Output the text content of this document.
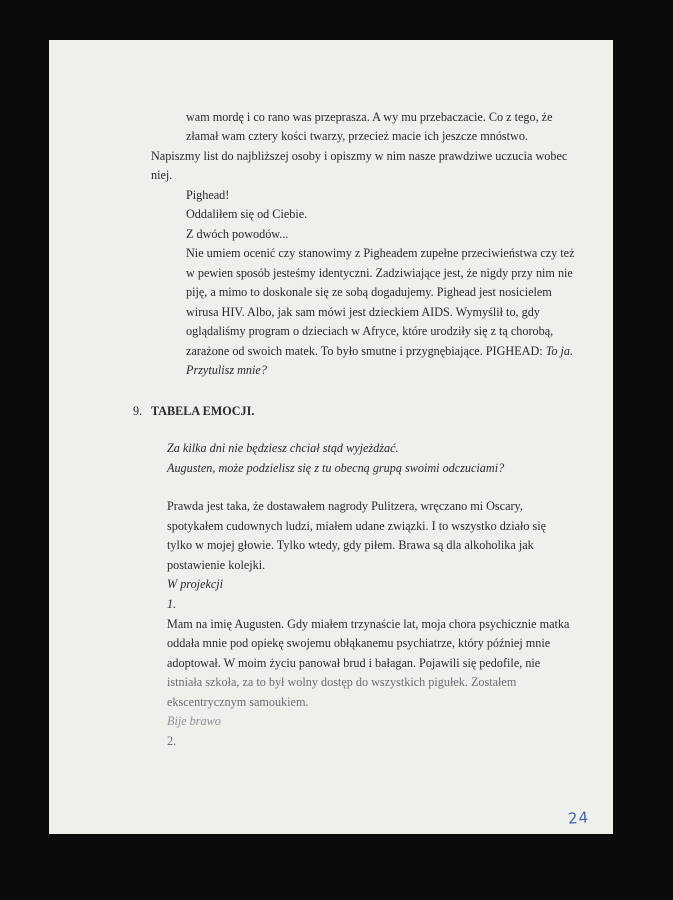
wam mordę i co rano was przeprasza. A wy mu przebaczacie. Co z tego, że
złamał wam cztery kości twarzy, przecież macie ich jeszcze mnóstwo.
Napiszmy list do najbliższej osoby i opiszmy w nim nasze prawdziwe uczucia wobec
niej.
Pighead!
Oddaliłem się od Ciebie.
Z dwóch powodów...
Nie umiem ocenić czy stanowimy z Pigheadem zupełne przeciwieństwa czy też
w pewien sposób jesteśmy identyczni. Zadziwiające jest, że nigdy przy nim nie
piję, a mimo to doskonale się ze sobą dogadujemy. Pighead jest nosicielem
wirusa HIV. Albo, jak sam mówi jest dzieckiem AIDS. Wymyślił to, gdy
oglądaliśmy program o dzieciach w Afryce, które urodziły się z tą chorobą,
zarażone od swoich matek. To było smutne i przygnębiające. PIGHEAD: To ja.
Przytulisz mnie?
9. TABELA EMOCJI.
Za kilka dni nie będziesz chciał stąd wyjeżdżać.
Augusten, może podzielisz się z tu obecną grupą swoimi odczuciami?
Prawda jest taka, że dostawałem nagrody Pulitzera, wręczano mi Oscary,
spotykałem cudownych ludzi, miałem udane związki. I to wszystko działo się
tylko w mojej głowie. Tylko wtedy, gdy piłem. Brawa są dla alkoholika jak
postawienie kolejki.
W projekcji
1.
Mam na imię Augusten. Gdy miałem trzynaście lat, moja chora psychicznie matka
oddała mnie pod opiekę swojemu obłąkanemu psychiatrze, który później mnie
adoptował. W moim życiu panował brud i bałagan. Pojawili się pedofile, nie
istniała szkoła, za to był wolny dostęp do wszystkich pigułek. Zostałem
ekscentrycznym samoukiem.
Bije brawo
2.
24
